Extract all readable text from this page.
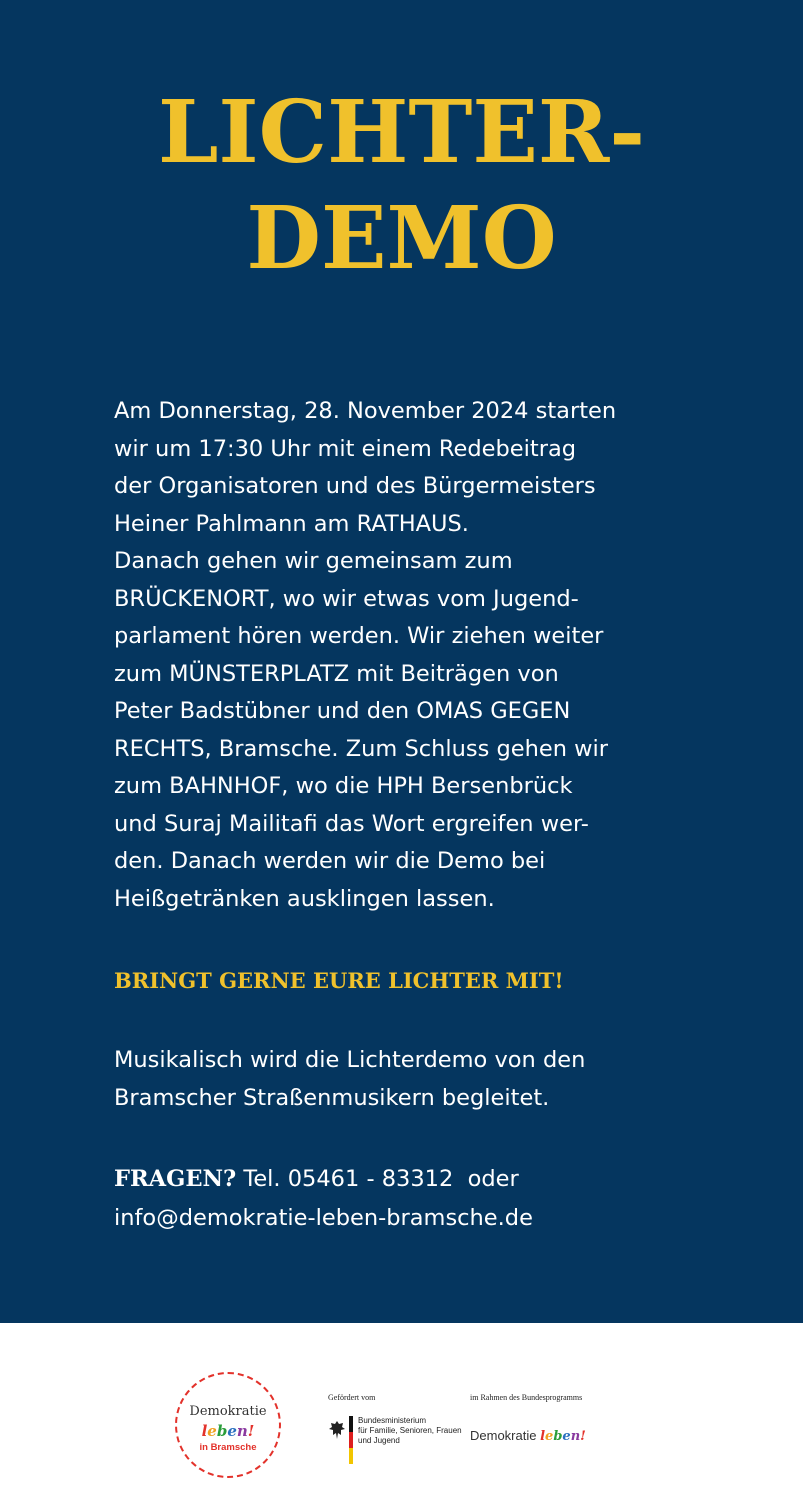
LICHTER-
DEMO
Am Donnerstag, 28. November 2024 starten
wir um 17:30 Uhr mit einem Redebeitrag
der Organisatoren und des Bürgermeisters
Heiner Pahlmann am RATHAUS.
Danach gehen wir gemeinsam zum
BRÜCKENORT, wo wir etwas vom Jugend-
parlament hören werden. Wir ziehen weiter
zum MÜNSTERPLATZ mit Beiträgen von
Peter Badstübner und den OMAS GEGEN
RECHTS, Bramsche. Zum Schluss gehen wir
zum BAHNHOF, wo die HPH Bersenbrück
und Suraj Mailitafi das Wort ergreifen wer-
den. Danach werden wir die Demo bei
Heißgetränken ausklingen lassen.
BRINGT GERNE EURE LICHTER MIT!
Musikalisch wird die Lichterdemo von den
Bramscher Straßenmusikern begleitet.
FRAGEN? Tel. 05461 - 83312  oder
info@demokratie-leben-bramsche.de
Demokratie
leben!
in Bramsche
Gefördert vom
Bundesministerium
für Familie, Senioren, Frauen
und Jugend
im Rahmen des Bundesprogramms
Demokratie leben!
